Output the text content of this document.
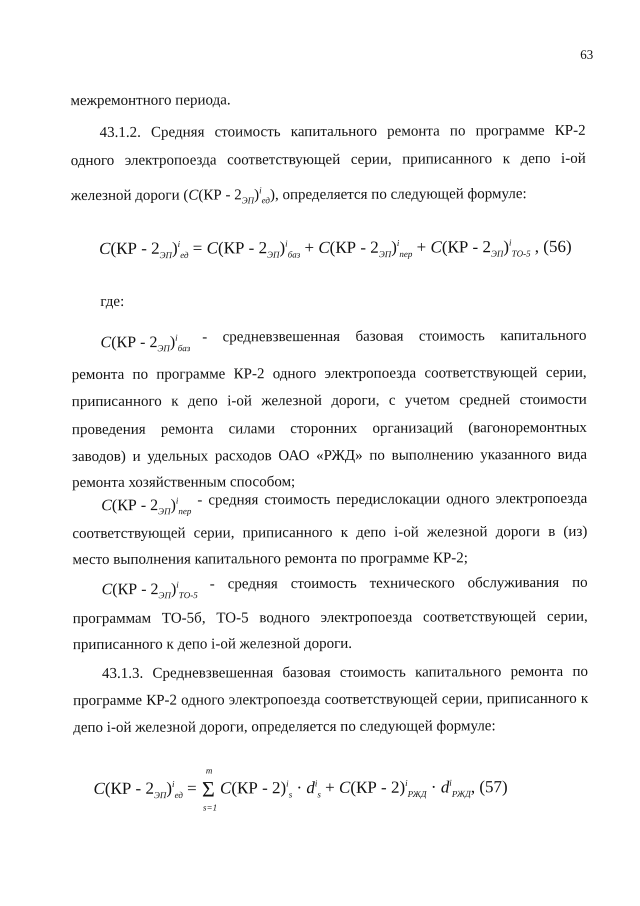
63
межремонтного периода.
43.1.2. Средняя стоимость капитального ремонта по программе КР-2
одного электропоезда соответствующей серии, приписанного к депо i-ой
железной дороги $(C(КР - 2_{ЭП})^i_{ед})$, определяется по следующей формуле:
$C(КР - 2_{ЭП})^i_{ед} = C(КР - 2_{ЭП})^i_{баз} + C(КР - 2_{ЭП})^i_{пер} + C(КР - 2_{ЭП})^i_{ТО-5}$ , (56)
где:
$C(КР - 2_{ЭП})^i_{баз}$
- средневзвешенная базовая стоимость капитального
ремонта по программе КР-2 одного электропоезда соответствующей серии,
приписанного к депо i-ой железной дороги, с учетом средней стоимости
проведения ремонта силами сторонних организаций (вагоноремонтных
заводов) и удельных расходов ОАО «РЖД» по выполнению указанного вида
ремонта хозяйственным способом;
$C(КР - 2_{ЭП})^i_{пер}$
- средняя стоимость передислокации одного электропоезда
соответствующей серии, приписанного к депо i-ой железной дороги в (из)
место выполнения капитального ремонта по программе КР-2;
$C(КР - 2_{ЭП})^i_{ТО-5}$
- средняя стоимость технического обслуживания по
программам ТО-5б, ТО-5 водного электропоезда соответствующей серии,
приписанного к депо i-ой железной дороги.
43.1.3. Средневзвешенная базовая стоимость капитального ремонта по
программе КР-2 одного электропоезда соответствующей серии, приписанного к
депо i-ой железной дороги, определяется по следующей формуле:
$C(КР - 2_{ЭП})^i_{ед}$ =
m
Σ
s=1
$C(КР - 2)^i_s \cdot d^i_s + C(КР - 2)^i_{РЖД} \cdot d^i_{РЖД}$, (57)
